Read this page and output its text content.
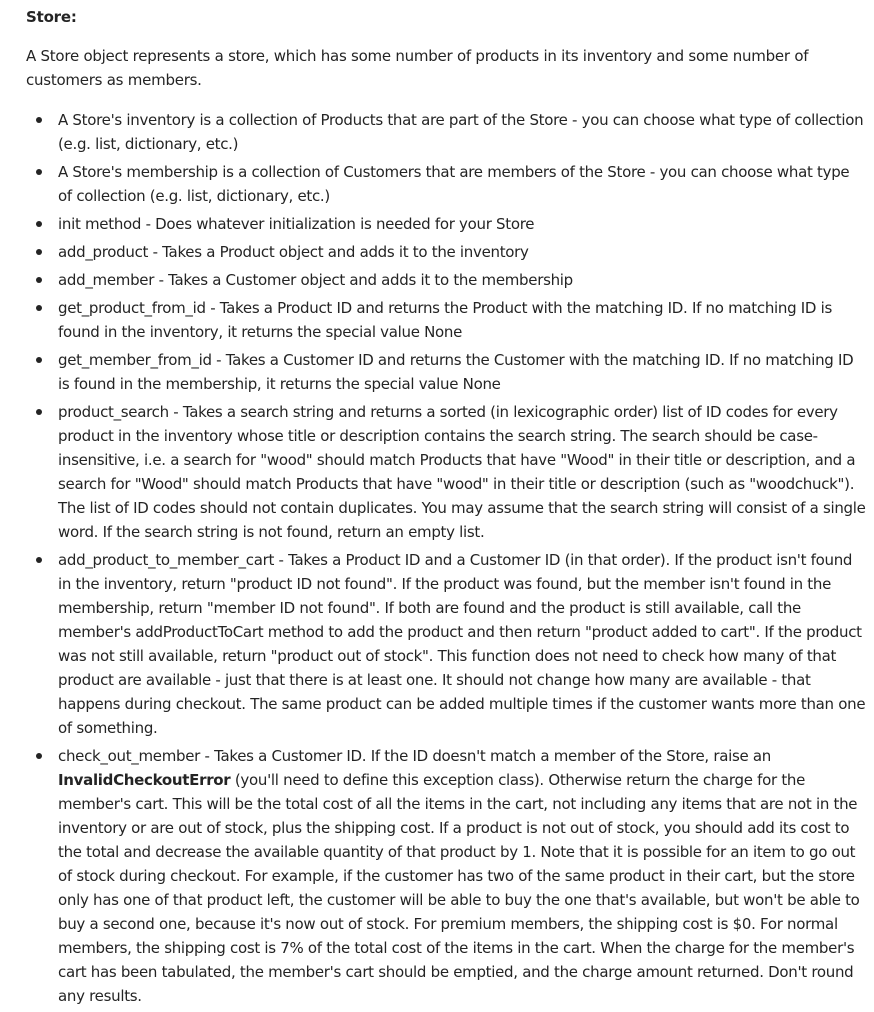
Store:

A Store object represents a store, which has some number of products in its inventory and some number of customers as members.

A Store's inventory is a collection of Products that are part of the Store - you can choose what type of collection (e.g. list, dictionary, etc.)
A Store's membership is a collection of Customers that are members of the Store - you can choose what type of collection (e.g. list, dictionary, etc.)
init method - Does whatever initialization is needed for your Store
add_product - Takes a Product object and adds it to the inventory
add_member - Takes a Customer object and adds it to the membership
get_product_from_id - Takes a Product ID and returns the Product with the matching ID. If no matching ID is found in the inventory, it returns the special value None
get_member_from_id - Takes a Customer ID and returns the Customer with the matching ID. If no matching ID is found in the membership, it returns the special value None
product_search - Takes a search string and returns a sorted (in lexicographic order) list of ID codes for every product in the inventory whose title or description contains the search string. The search should be case-insensitive, i.e. a search for "wood" should match Products that have "Wood" in their title or description, and a search for "Wood" should match Products that have "wood" in their title or description (such as "woodchuck"). The list of ID codes should not contain duplicates. You may assume that the search string will consist of a single word. If the search string is not found, return an empty list.
add_product_to_member_cart - Takes a Product ID and a Customer ID (in that order). If the product isn't found in the inventory, return "product ID not found". If the product was found, but the member isn't found in the membership, return "member ID not found". If both are found and the product is still available, call the member's addProductToCart method to add the product and then return "product added to cart". If the product was not still available, return "product out of stock". This function does not need to check how many of that product are available - just that there is at least one. It should not change how many are available - that happens during checkout. The same product can be added multiple times if the customer wants more than one of something.
check_out_member - Takes a Customer ID. If the ID doesn't match a member of the Store, raise an InvalidCheckoutError (you'll need to define this exception class). Otherwise return the charge for the member's cart. This will be the total cost of all the items in the cart, not including any items that are not in the inventory or are out of stock, plus the shipping cost. If a product is not out of stock, you should add its cost to the total and decrease the available quantity of that product by 1. Note that it is possible for an item to go out of stock during checkout. For example, if the customer has two of the same product in their cart, but the store only has one of that product left, the customer will be able to buy the one that's available, but won't be able to buy a second one, because it's now out of stock. For premium members, the shipping cost is $0. For normal members, the shipping cost is 7% of the total cost of the items in the cart. When the charge for the member's cart has been tabulated, the member's cart should be emptied, and the charge amount returned. Don't round any results.
